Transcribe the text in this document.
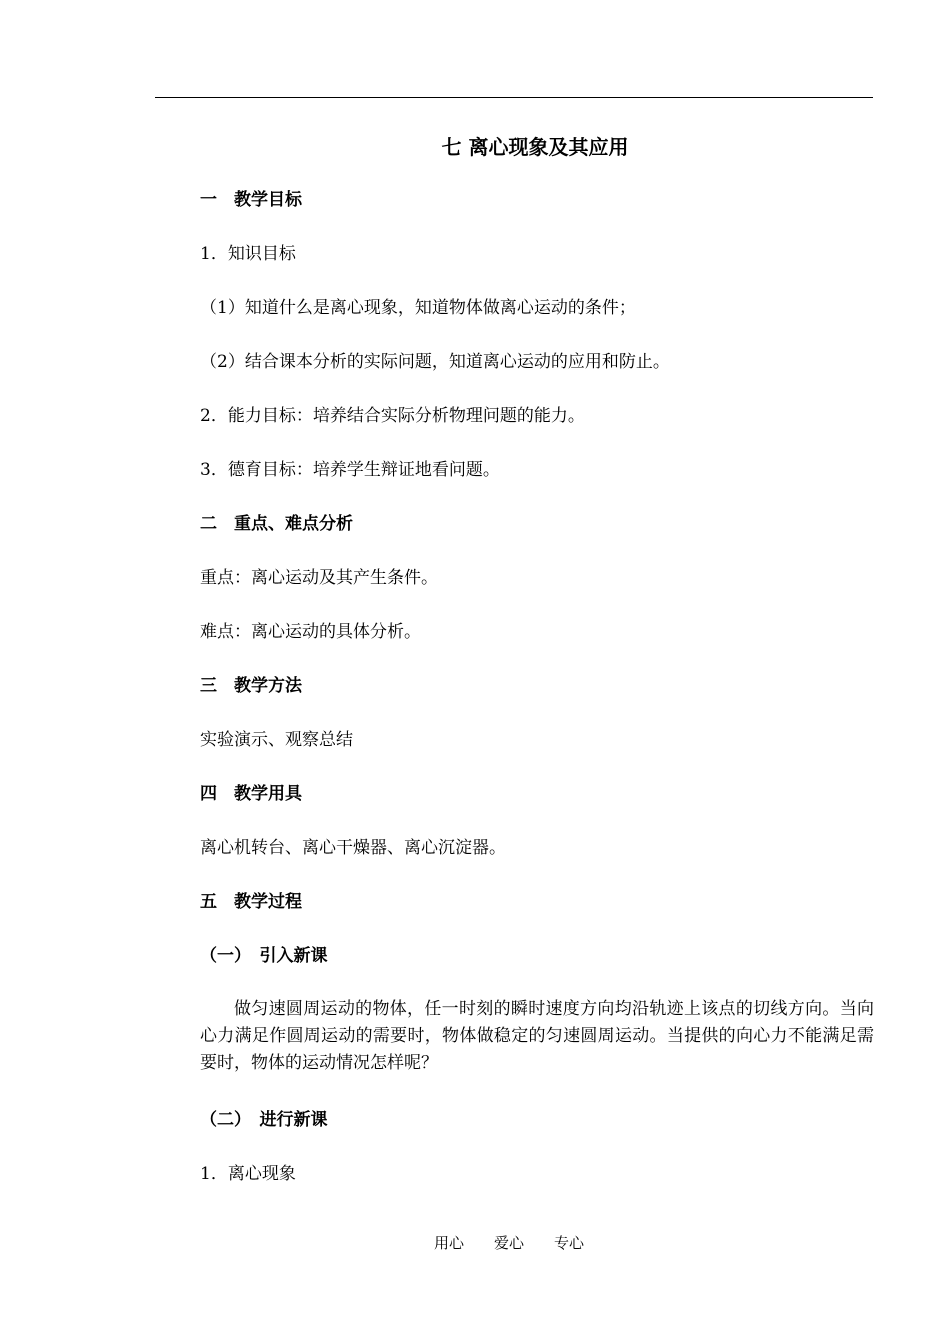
七 离心现象及其应用
一　教学目标
1．知识目标
（1）知道什么是离心现象，知道物体做离心运动的条件；
（2）结合课本分析的实际问题，知道离心运动的应用和防止。
2．能力目标：培养结合实际分析物理问题的能力。
3．德育目标：培养学生辩证地看问题。
二　重点、难点分析
重点：离心运动及其产生条件。
难点：离心运动的具体分析。
三　教学方法
实验演示、观察总结
四　教学用具
离心机转台、离心干燥器、离心沉淀器。
五　教学过程
（一）　引入新课
做匀速圆周运动的物体，任一时刻的瞬时速度方向均沿轨迹上该点的切线方向。当向心力满足作圆周运动的需要时，物体做稳定的匀速圆周运动。当提供的向心力不能满足需要时，物体的运动情况怎样呢？
（二）　进行新课
1．离心现象
用心　　爱心　　专心
